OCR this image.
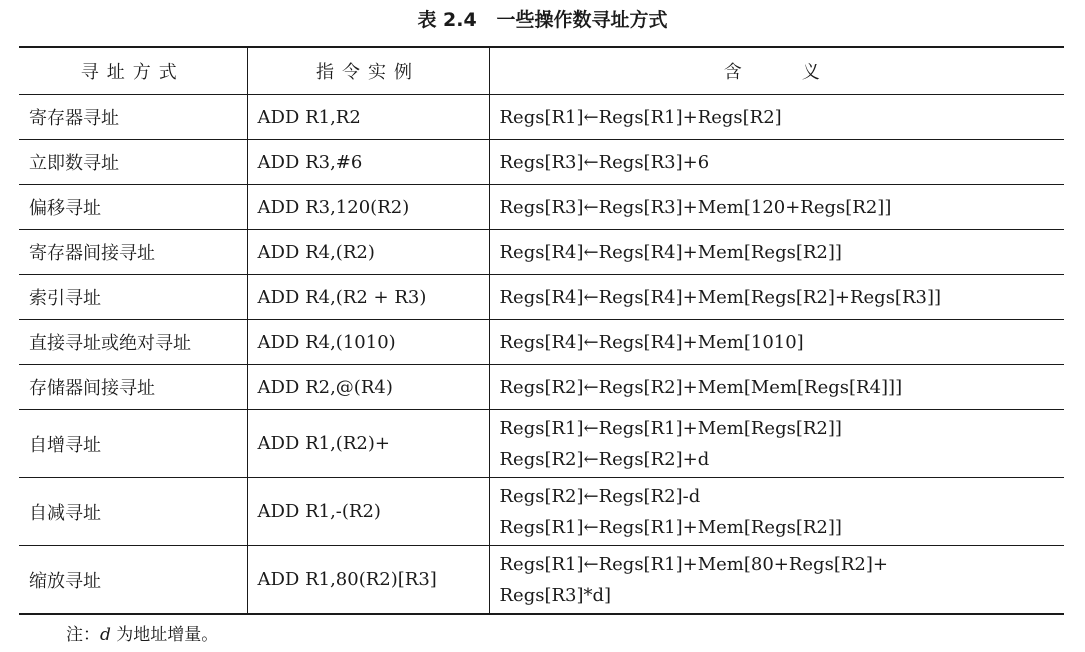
表 2.4   一些操作数寻址方式
寻址方式	指令实例	含义
寄存器寻址	ADD R1,R2	Regs[R1]←Regs[R1]+Regs[R2]

立即数寻址	ADD R3,#6	Regs[R3]←Regs[R3]+6

偏移寻址	ADD R3,120(R2)	Regs[R3]←Regs[R3]+Mem[120+Regs[R2]]

寄存器间接寻址	ADD R4,(R2)	Regs[R4]←Regs[R4]+Mem[Regs[R2]]

索引寻址	ADD R4,(R2 + R3)	Regs[R4]←Regs[R4]+Mem[Regs[R2]+Regs[R3]]

直接寻址或绝对寻址	ADD R4,(1010)	Regs[R4]←Regs[R4]+Mem[1010]

存储器间接寻址	ADD R2,@(R4)	Regs[R2]←Regs[R2]+Mem[Mem[Regs[R4]]]

自增寻址	ADD R1,(R2)+	Regs[R1]←Regs[R1]+Mem[Regs[R2]]
Regs[R2]←Regs[R2]+d

自减寻址	ADD R1,-(R2)	Regs[R2]←Regs[R2]-d
Regs[R1]←Regs[R1]+Mem[Regs[R2]]

缩放寻址	ADD R1,80(R2)[R3]	Regs[R1]←Regs[R1]+Mem[80+Regs[R2]+
Regs[R3]*d]
注：d 为地址增量。
